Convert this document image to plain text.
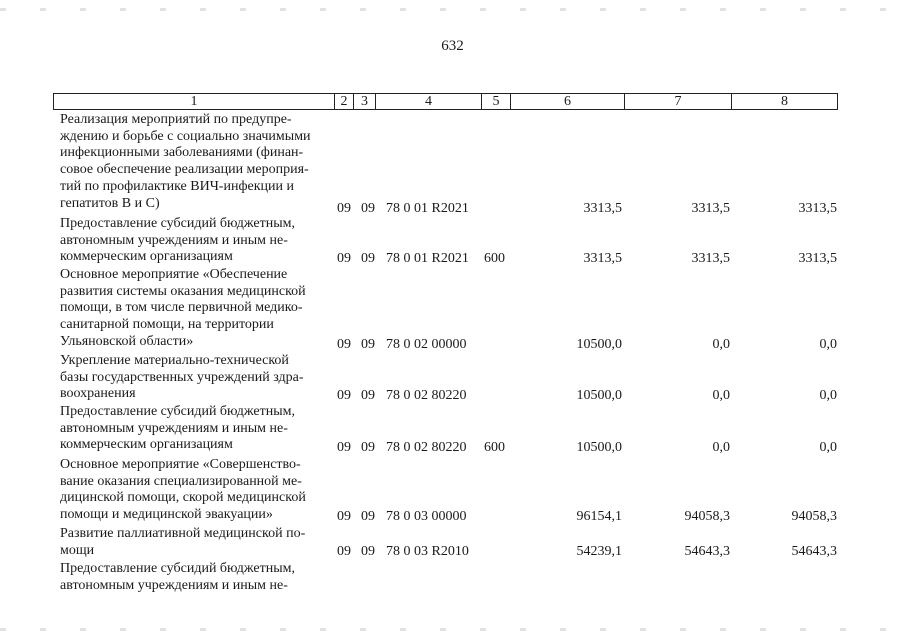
632
1	2 3	4	5	6	7	8
Реализация мероприятий по предупре-
ждению и борьбе с социально значимыми
инфекционными заболеваниями (финан-
совое обеспечение реализации мероприя-
тий по профилактике ВИЧ-инфекции и
гепатитов В и С)	09 09 78 0 01 R2021	3313,5	3313,5	3313,5
Предоставление субсидий бюджетным,
автономным учреждениям и иным не-
коммерческим организациям	09 09 78 0 01 R2021 600	3313,5	3313,5	3313,5
Основное мероприятие «Обеспечение
развития системы оказания медицинской
помощи, в том числе первичной медико-
санитарной помощи, на территории
Ульяновской области»	09 09 78 0 02 00000	10500,0	0,0	0,0
Укрепление материально-технической
базы государственных учреждений здра-
воохранения	09 09 78 0 02 80220	10500,0	0,0	0,0
Предоставление субсидий бюджетным,
автономным учреждениям и иным не-
коммерческим организациям	09 09 78 0 02 80220 600	10500,0	0,0	0,0
Основное мероприятие «Совершенство-
вание оказания специализированной ме-
дицинской помощи, скорой медицинской
помощи и медицинской эвакуации»	09 09 78 0 03 00000	96154,1	94058,3	94058,3
Развитие паллиативной медицинской по-
мощи	09 09 78 0 03 R2010	54239,1	54643,3	54643,3
Предоставление субсидий бюджетным,
автономным учреждениям и иным не-
